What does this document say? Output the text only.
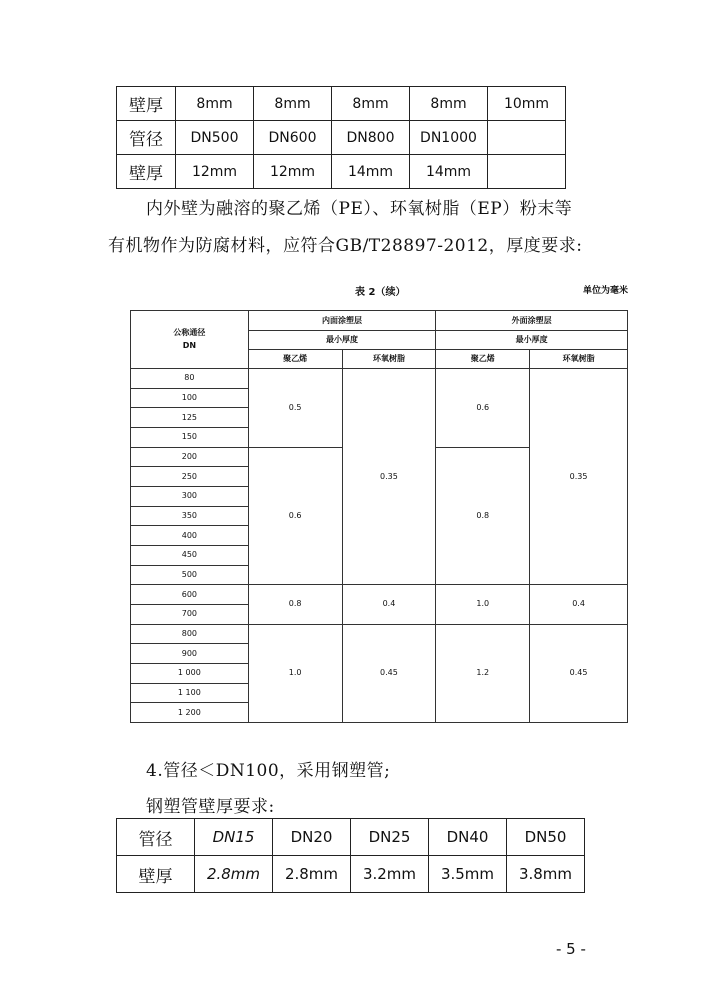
壁厚	8mm	8mm	8mm	8mm	10mm
管径	DN500	DN600	DN800	DN1000	
壁厚	12mm	12mm	14mm	14mm	
内外壁为融溶的聚乙烯（PE）、环氧树脂（EP）粉末等
有机物作为防腐材料，应符合GB/T28897-2012，厚度要求:
表 2（续）	单位为毫米
公称通径
DN	内面涂塑层		外面涂塑层	
	最小厚度		最小厚度	
	聚乙烯	环氧树脂	聚乙烯	环氧树脂
80	0.5	0.35	0.6	0.35
100				
125				
150				
200	0.6		0.8	
250				
300				
350				
400				
450				
500				
600	0.8	0.4	1.0	0.4
700				
800	1.0	0.45	1.2	0.45
900				
1 000				
1 100				
1 200				
4.管径＜DN100，采用钢塑管;
钢塑管壁厚要求:
管径	DN15	DN20	DN25	DN40	DN50
壁厚	2.8mm	2.8mm	3.2mm	3.5mm	3.8mm
- 5 -
